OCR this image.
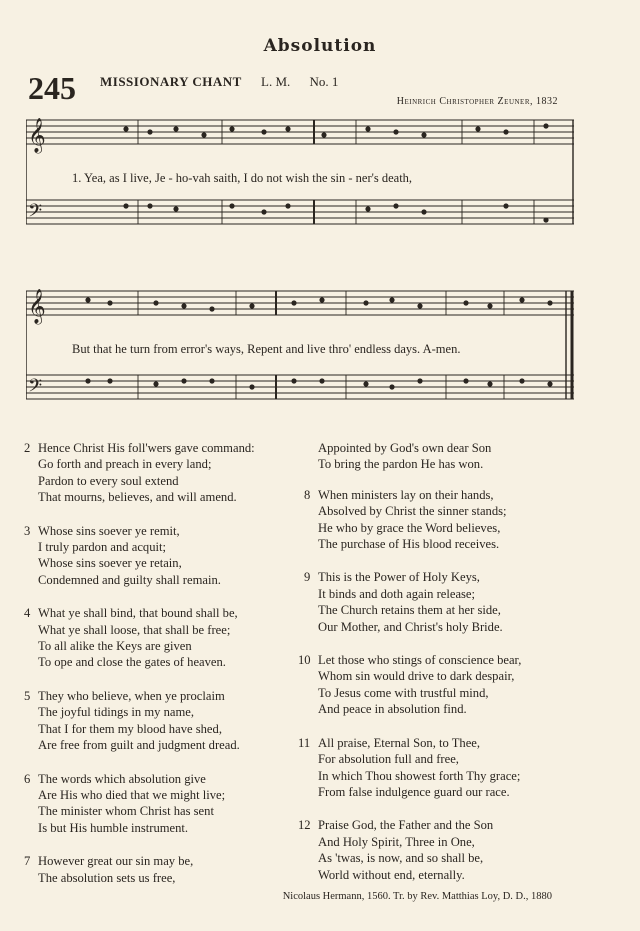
Absolution
245 MISSIONARY CHANT L. M. No. 1
Heinrich Christopher Zeuner, 1832
𝄞
𝄢
1. Yea, as I live, Je - ho-vah saith, I do not wish the sin - ner's death,
𝄞
𝄢
But that he turn from error's ways, Repent and live thro' endless days. A-men.
2 Hence Christ His foll'wers gave command:
Go forth and preach in every land;
Pardon to every soul extend
That mourns, believes, and will amend.
3 Whose sins soever ye remit,
I truly pardon and acquit;
Whose sins soever ye retain,
Condemned and guilty shall remain.
4 What ye shall bind, that bound shall be,
What ye shall loose, that shall be free;
To all alike the Keys are given
To ope and close the gates of heaven.
5 They who believe, when ye proclaim
The joyful tidings in my name,
That I for them my blood have shed,
Are free from guilt and judgment dread.
6 The words which absolution give
Are His who died that we might live;
The minister whom Christ has sent
Is but His humble instrument.
7 However great our sin may be,
The absolution sets us free,
Appointed by God's own dear Son
To bring the pardon He has won.
8 When ministers lay on their hands,
Absolved by Christ the sinner stands;
He who by grace the Word believes,
The purchase of His blood receives.
9 This is the Power of Holy Keys,
It binds and doth again release;
The Church retains them at her side,
Our Mother, and Christ's holy Bride.
10 Let those who stings of conscience bear,
Whom sin would drive to dark despair,
To Jesus come with trustful mind,
And peace in absolution find.
11 All praise, Eternal Son, to Thee,
For absolution full and free,
In which Thou showest forth Thy grace;
From false indulgence guard our race.
12 Praise God, the Father and the Son
And Holy Spirit, Three in One,
As 'twas, is now, and so shall be,
World without end, eternally.
Nicolaus Hermann, 1560. Tr. by Rev. Matthias Loy, D. D., 1880
